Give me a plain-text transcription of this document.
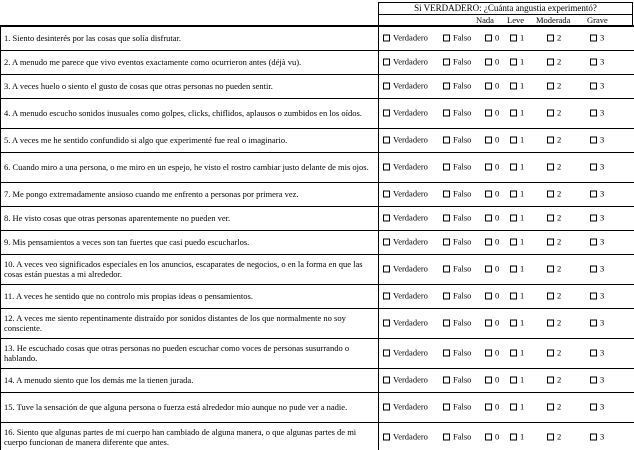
Si VERDADERO: ¿Cuánta angustia experimentó?
Nada Leve Moderada Grave
1. Siento desinterés por las cosas que solía disfrutar.	Verdadero	Falso	0	1	2	3

2. A menudo me parece que vivo eventos exactamente como ocurrieron antes (déjà vu).	Verdadero	Falso	0	1	2	3

3. A veces huelo o siento el gusto de cosas que otras personas no pueden sentir.	Verdadero	Falso	0	1	2	3

4. A menudo escucho sonidos inusuales como golpes, clicks, chiflidos, aplausos o zumbidos en los oídos.	Verdadero	Falso	0	1	2	3

5. A veces me he sentido confundido si algo que experimenté fue real o imaginario.	Verdadero	Falso	0	1	2	3

6. Cuando miro a una persona, o me miro en un espejo, he visto el rostro cambiar justo delante de mis ojos.	Verdadero	Falso	0	1	2	3

7. Me pongo extremadamente ansioso cuando me enfrento a personas por primera vez.	Verdadero	Falso	0	1	2	3

8. He visto cosas que otras personas aparentemente no pueden ver.	Verdadero	Falso	0	1	2	3

9. Mis pensamientos a veces son tan fuertes que casi puedo escucharlos.	Verdadero	Falso	0	1	2	3

10. A veces veo significados especiales en los anuncios, escaparates de negocios, o en la forma en que las cosas están puestas a mi alrededor.	
Verdadero	Falso	0	1	2	3

11. A veces he sentido que no controlo mis propias ideas o pensamientos.	Verdadero	Falso	0	1	2	3

12. A veces me siento repentinamente distraído por sonidos distantes de los que normalmente no soy consciente.	
Verdadero	Falso	0	1	2	3

13. He escuchado cosas que otras personas no pueden escuchar como voces de personas susurrando o hablando.	
Verdadero	Falso	0	1	2	3

14. A menudo siento que los demás me la tienen jurada.	Verdadero	Falso	0	1	2	3

15. Tuve la sensación de que alguna persona o fuerza está alrededor mío aunque no pude ver a nadie.	Verdadero	Falso	0	1	2	3

16. Siento que algunas partes de mi cuerpo han cambiado de alguna manera, o que algunas partes de mi cuerpo funcionan de manera diferente que antes.	
Verdadero	Falso	0	1	2	3
